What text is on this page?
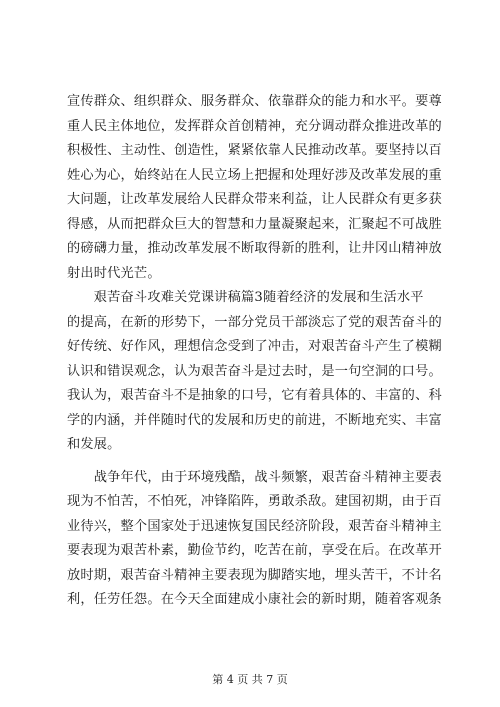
宣传群众、组织群众、服务群众、依靠群众的能力和水平。要尊
重人民主体地位，发挥群众首创精神，充分调动群众推进改革的
积极性、主动性、创造性，紧紧依靠人民推动改革。要坚持以百
姓心为心，始终站在人民立场上把握和处理好涉及改革发展的重
大问题，让改革发展给人民群众带来利益，让人民群众有更多获
得感，从而把群众巨大的智慧和力量凝聚起来，汇聚起不可战胜
的磅礴力量，推动改革发展不断取得新的胜利，让井冈山精神放
射出时代光芒。
　　艰苦奋斗攻难关党课讲稿篇3随着经济的发展和生活水平
的提高，在新的形势下，一部分党员干部淡忘了党的艰苦奋斗的
好传统、好作风，理想信念受到了冲击，对艰苦奋斗产生了模糊
认识和错误观念，认为艰苦奋斗是过去时，是一句空洞的口号。
我认为，艰苦奋斗不是抽象的口号，它有着具体的、丰富的、科
学的内涵，并伴随时代的发展和历史的前进，不断地充实、丰富
和发展。
　　战争年代，由于环境残酷，战斗频繁，艰苦奋斗精神主要表
现为不怕苦，不怕死，冲锋陷阵，勇敢杀敌。建国初期，由于百
业待兴，整个国家处于迅速恢复国民经济阶段，艰苦奋斗精神主
要表现为艰苦朴素，勤俭节约，吃苦在前，享受在后。在改革开
放时期，艰苦奋斗精神主要表现为脚踏实地，埋头苦干，不计名
利，任劳任怨。在今天全面建成小康社会的新时期，随着客观条
第 4 页 共 7 页
